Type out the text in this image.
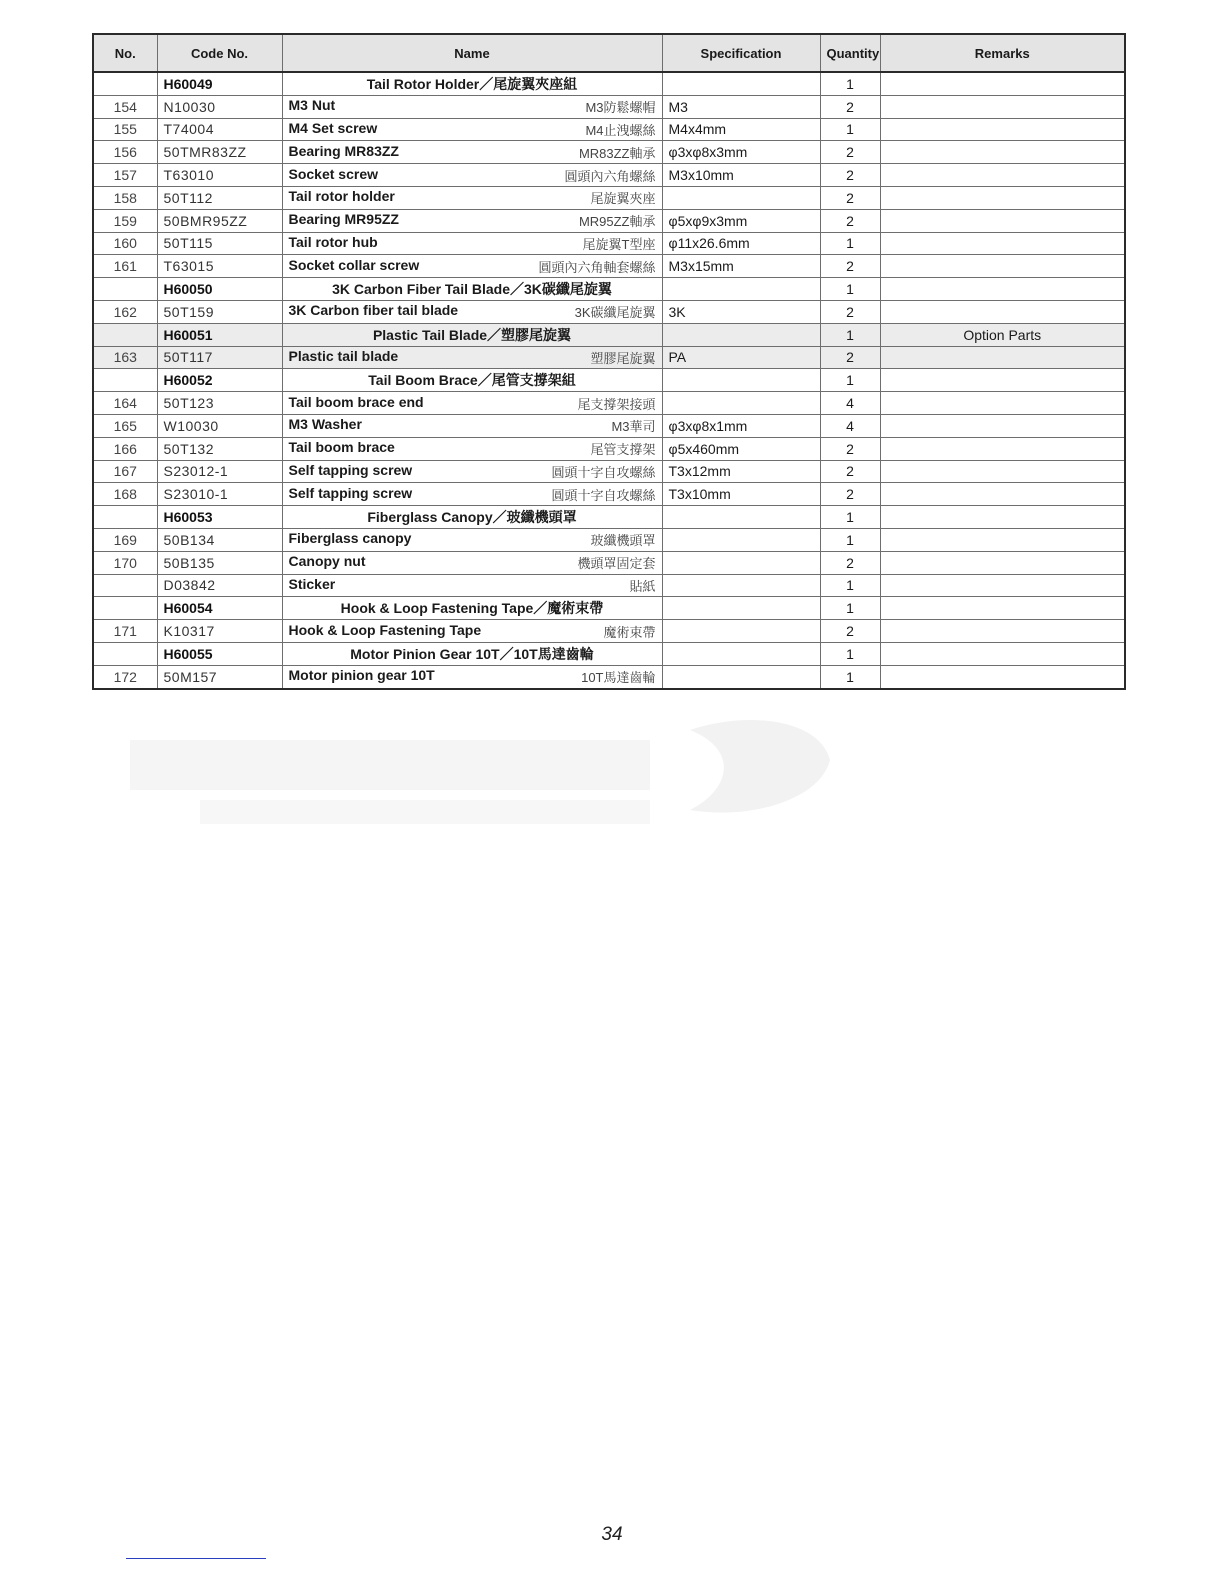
No.	Code No.	Name	Specification	Quantity	Remarks
	H60049	Tail Rotor Holder／尾旋翼夾座組		1	
154	N10030	M3 Nut M3防鬆螺帽	M3	2	
155	T74004	M4 Set screw M4止洩螺絲	M4x4mm	1	
156	50TMR83ZZ	Bearing MR83ZZ MR83ZZ軸承	φ3xφ8x3mm	2	
157	T63010	Socket screw 圓頭內六角螺絲	M3x10mm	2	
158	50T112	Tail rotor holder 尾旋翼夾座		2	
159	50BMR95ZZ	Bearing MR95ZZ MR95ZZ軸承	φ5xφ9x3mm	2	
160	50T115	Tail rotor hub 尾旋翼T型座	φ11x26.6mm	1	
161	T63015	Socket collar screw 圓頭內六角軸套螺絲	M3x15mm	2	
	H60050	3K Carbon Fiber Tail Blade／3K碳纖尾旋翼		1	
162	50T159	3K Carbon fiber tail blade 3K碳纖尾旋翼	3K	2	
	H60051	Plastic Tail Blade／塑膠尾旋翼		1	Option Parts
163	50T117	Plastic tail blade 塑膠尾旋翼	PA	2	
	H60052	Tail Boom Brace／尾管支撐架組		1	
164	50T123	Tail boom brace end 尾支撐架接頭		4	
165	W10030	M3 Washer M3華司	φ3xφ8x1mm	4	
166	50T132	Tail boom brace 尾管支撐架	φ5x460mm	2	
167	S23012-1	Self tapping screw 圓頭十字自攻螺絲	T3x12mm	2	
168	S23010-1	Self tapping screw 圓頭十字自攻螺絲	T3x10mm	2	
	H60053	Fiberglass Canopy／玻纖機頭罩		1	
169	50B134	Fiberglass canopy 玻纖機頭罩		1	
170	50B135	Canopy nut 機頭罩固定套		2	
	D03842	Sticker 貼紙		1	
	H60054	Hook & Loop Fastening Tape／魔術束帶		1	
171	K10317	Hook & Loop Fastening Tape 魔術束帶		2	
	H60055	Motor Pinion Gear 10T／10T馬達齒輪		1	
172	50M157	Motor pinion gear 10T 10T馬達齒輪		1	
34
